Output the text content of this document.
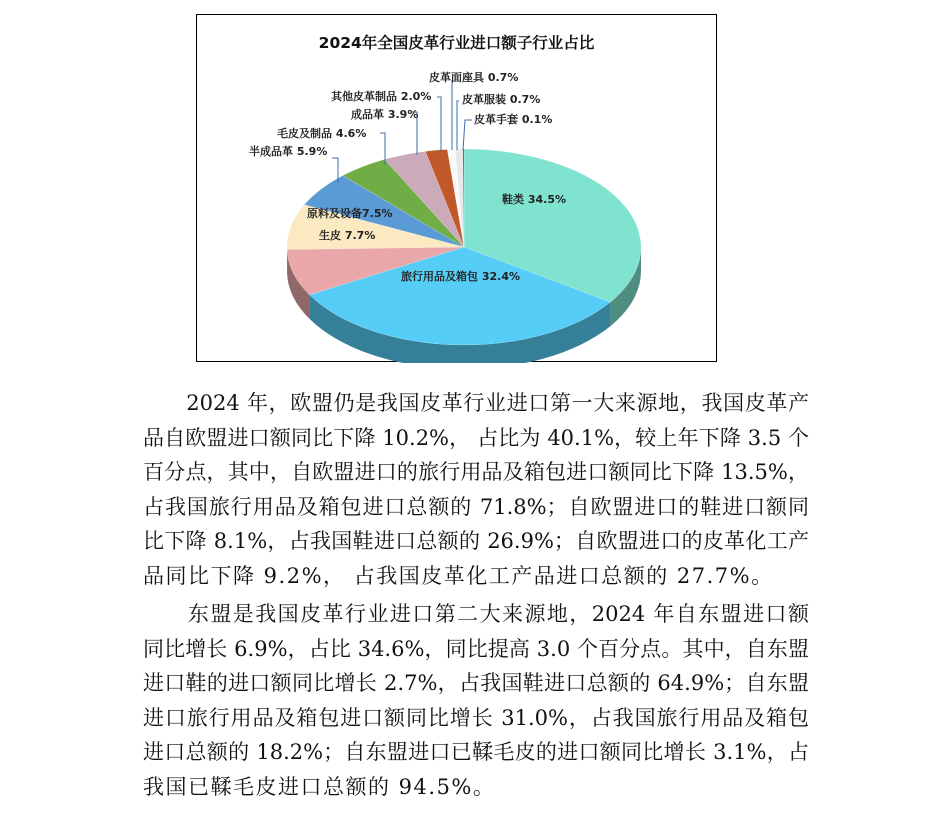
2024年全国皮革行业进口额子行业占比
鞋类 34.5%
旅行用品及箱包 32.4%
生皮 7.7%
原料及设备7.5%
半成品革 5.9%
毛皮及制品 4.6%
成品革 3.9%
其他皮革制品 2.0%
皮革面座具 0.7%
皮革服装 0.7%
皮革手套 0.1%
　　2024 年，欧盟仍是我国皮革行业进口第一大来源地，我国皮革产
品自欧盟进口额同比下降 10.2%， 占比为 40.1%，较上年下降 3.5 个
百分点，其中，自欧盟进口的旅行用品及箱包进口额同比下降 13.5%，
占我国旅行用品及箱包进口总额的 71.8%；自欧盟进口的鞋进口额同
比下降 8.1%，占我国鞋进口总额的 26.9%；自欧盟进口的皮革化工产
品同比下降 9.2%， 占我国皮革化工产品进口总额的 27.7%。
　　东盟是我国皮革行业进口第二大来源地，2024 年自东盟进口额
同比增长 6.9%，占比 34.6%，同比提高 3.0 个百分点。其中，自东盟
进口鞋的进口额同比增长 2.7%，占我国鞋进口总额的 64.9%；自东盟
进口旅行用品及箱包进口额同比增长 31.0%，占我国旅行用品及箱包
进口总额的 18.2%；自东盟进口已鞣毛皮的进口额同比增长 3.1%，占
我国已鞣毛皮进口总额的 94.5%。
